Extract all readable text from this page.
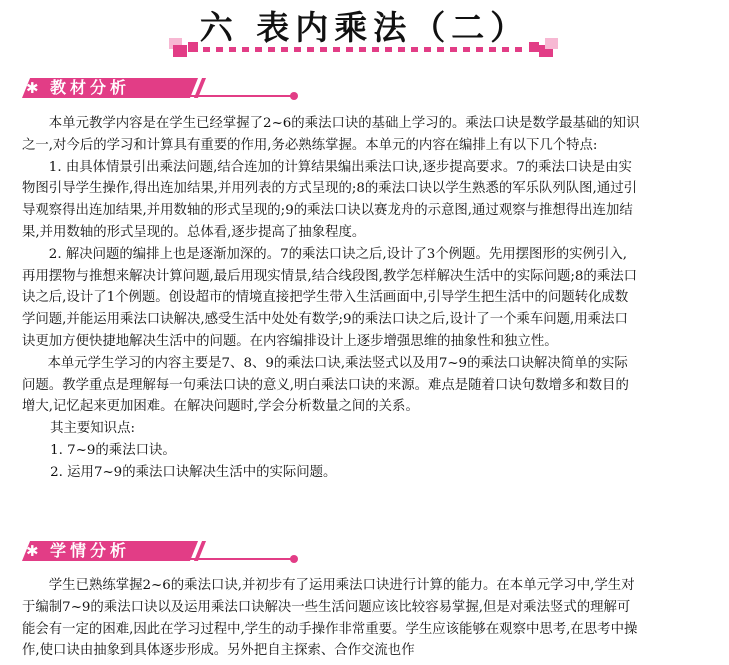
六 表内乘法（二）
✱ 教材分析

本单元教学内容是在学生已经掌握了2~6的乘法口诀的基础上学习的。乘法口诀是数学最基础的知识之一,对今后的学习和计算具有重要的作用,务必熟练掌握。本单元的内容在编排上有以下几个特点:

1. 由具体情景引出乘法问题,结合连加的计算结果编出乘法口诀,逐步提高要求。7的乘法口诀是由实物图引导学生操作,得出连加结果,并用列表的方式呈现的;8的乘法口诀以学生熟悉的军乐队列队图,通过引导观察得出连加结果,并用数轴的形式呈现的;9的乘法口诀以赛龙舟的示意图,通过观察与推想得出连加结果,并用数轴的形式呈现的。总体看,逐步提高了抽象程度。

2. 解决问题的编排上也是逐渐加深的。7的乘法口诀之后,设计了3个例题。先用摆图形的实例引入,再用摆物与推想来解决计算问题,最后用现实情景,结合线段图,教学怎样解决生活中的实际问题;8的乘法口诀之后,设计了1个例题。创设超市的情境直接把学生带入生活画面中,引导学生把生活中的问题转化成数学问题,并能运用乘法口诀解决,感受生活中处处有数学;9的乘法口诀之后,设计了一个乘车问题,用乘法口诀更加方便快捷地解决生活中的问题。在内容编排设计上逐步增强思维的抽象性和独立性。

本单元学生学习的内容主要是7、8、9的乘法口诀,乘法竖式以及用7~9的乘法口诀解决简单的实际问题。教学重点是理解每一句乘法口诀的意义,明白乘法口诀的来源。难点是随着口诀句数增多和数目的增大,记忆起来更加困难。在解决问题时,学会分析数量之间的关系。

其主要知识点:

1. 7~9的乘法口诀。

2. 运用7~9的乘法口诀解决生活中的实际问题。

✱ 学情分析

学生已熟练掌握2~6的乘法口诀,并初步有了运用乘法口诀进行计算的能力。在本单元学习中,学生对于编制7~9的乘法口诀以及运用乘法口诀解决一些生活问题应该比较容易掌握,但是对乘法竖式的理解可能会有一定的困难,因此在学习过程中,学生的动手操作非常重要。学生应该能够在观察中思考,在思考中操作,使口诀由抽象到具体逐步形成。另外把自主探索、合作交流也作
